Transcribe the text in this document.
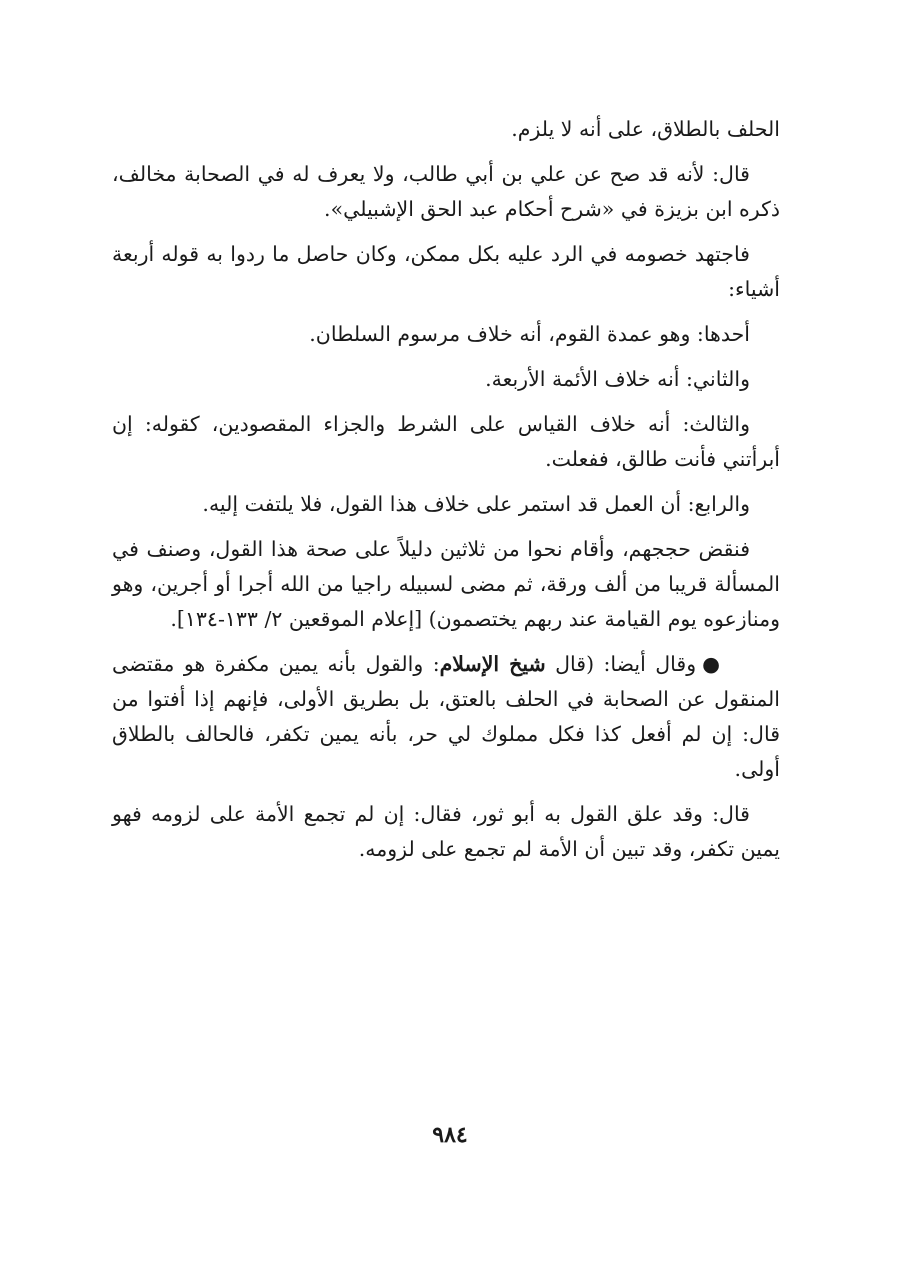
الحلف بالطلاق، على أنه لا يلزم.

قال: لأنه قد صح عن علي بن أبي طالب، ولا يعرف له في الصحابة مخالف، ذكره ابن بزيزة في «شرح أحكام عبد الحق الإشبيلي».

فاجتهد خصومه في الرد عليه بكل ممكن، وكان حاصل ما ردوا به قوله أربعة أشياء:

أحدها: وهو عمدة القوم، أنه خلاف مرسوم السلطان.

والثاني: أنه خلاف الأئمة الأربعة.

والثالث: أنه خلاف القياس على الشرط والجزاء المقصودين، كقوله: إن أبرأتني فأنت طالق، ففعلت.

والرابع: أن العمل قد استمر على خلاف هذا القول، فلا يلتفت إليه.

فنقض حججهم، وأقام نحوا من ثلاثين دليلاً على صحة هذا القول، وصنف في المسألة قريبا من ألف ورقة، ثم مضى لسبيله راجيا من الله أجرا أو أجرين، وهو ومنازعوه يوم القيامة عند ربهم يختصمون) [إعلام الموقعين ٢/ ١٣٣-١٣٤].

●وقال أيضا: (قال شيخ الإسلام: والقول بأنه يمين مكفرة هو مقتضى المنقول عن الصحابة في الحلف بالعتق، بل بطريق الأولى، فإنهم إذا أفتوا من قال: إن لم أفعل كذا فكل مملوك لي حر، بأنه يمين تكفر، فالحالف بالطلاق أولى.

قال: وقد علق القول به أبو ثور، فقال: إن لم تجمع الأمة على لزومه فهو يمين تكفر، وقد تبين أن الأمة لم تجمع على لزومه.

٩٨٤
